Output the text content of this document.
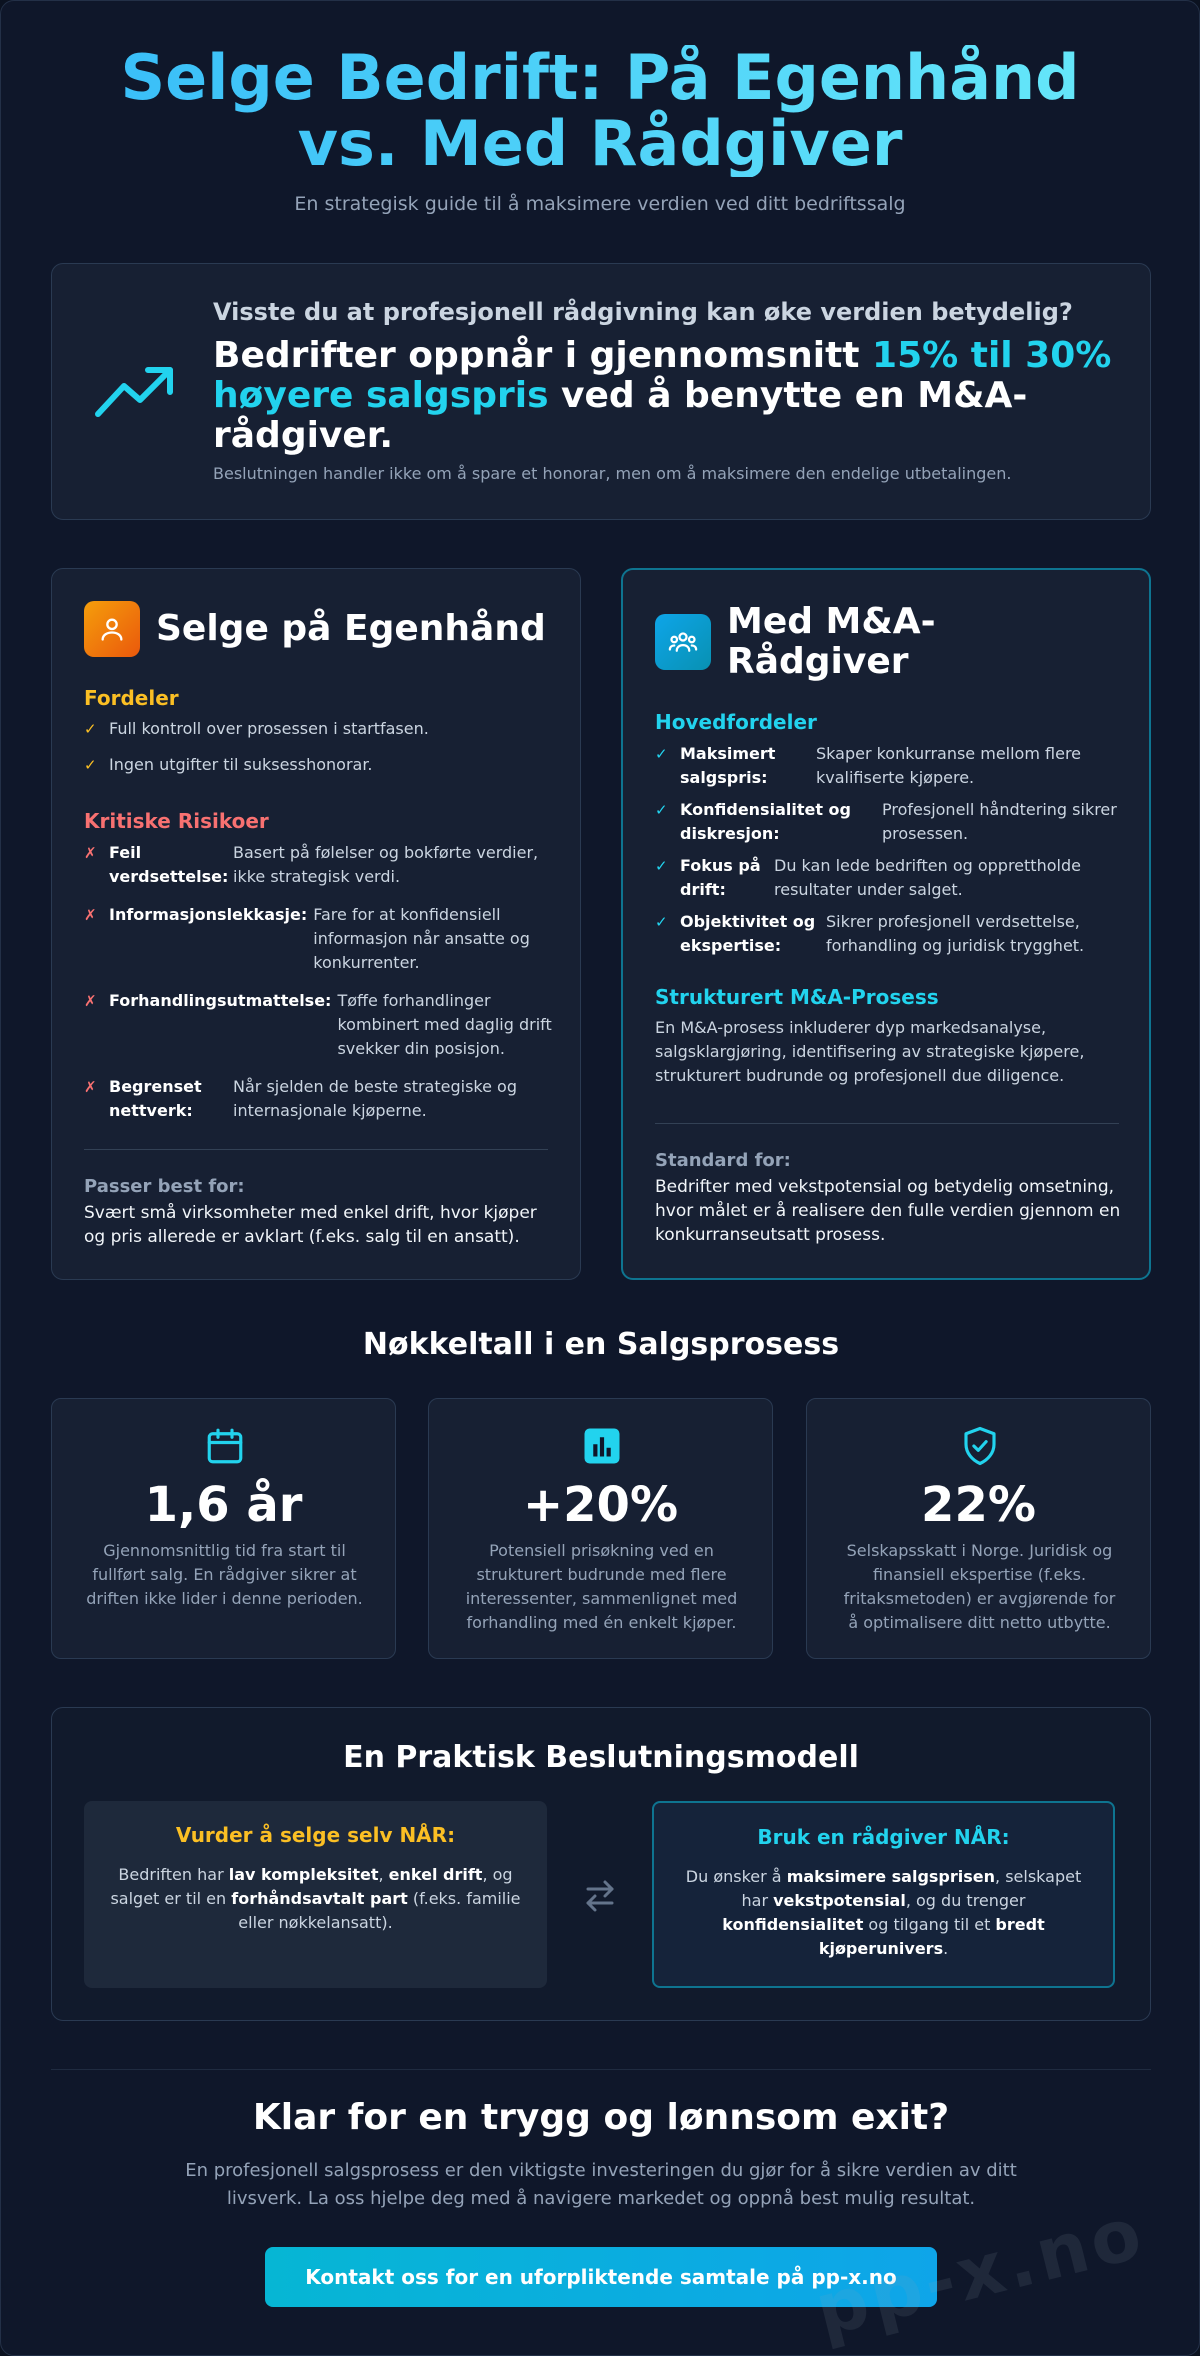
Selge Bedrift: På Egenhånd vs. Med Rådgiver
En strategisk guide til å maksimere verdien ved ditt bedriftssalg
Visste du at profesjonell rådgivning kan øke verdien betydelig?
Bedrifter oppnår i gjennomsnitt 15% til 30% høyere salgspris ved å benytte en M&A-rådgiver.
Beslutningen handler ikke om å spare et honorar, men om å maksimere den endelige utbetalingen.
Selge på Egenhånd
Fordeler
✓ Full kontroll over prosessen i startfasen.
✓ Ingen utgifter til suksesshonorar.
Kritiske Risikoer
✗ Feil verdsettelse:
Basert på følelser og bokførte verdier, ikke strategisk verdi.
✗ Informasjonslekkasje: Fare for at konfidensiell informasjon når ansatte og konkurrenter.
✗ Forhandlingsutmattelse: Tøffe forhandlinger kombinert med daglig drift svekker din posisjon.
✗ Begrenset nettverk:
Når sjelden de beste strategiske og internasjonale kjøperne.
Passer best for:
Svært små virksomheter med enkel drift, hvor kjøper og pris allerede er avklart (f.eks. salg til en ansatt).
Med M&A-Rådgiver
Hovedfordeler
✓ Maksimert salgspris:
Skaper konkurranse mellom flere kvalifiserte kjøpere.
✓ Konfidensialitet og diskresjon:
Profesjonell håndtering sikrer prosessen.
✓ Fokus på drift:
Du kan lede bedriften og opprettholde resultater under salget.
✓ Objektivitet og ekspertise:
Sikrer profesjonell verdsettelse, forhandling og juridisk trygghet.
Strukturert M&A-Prosess
En M&A-prosess inkluderer dyp markedsanalyse, salgsklargjøring, identifisering av strategiske kjøpere, strukturert budrunde og profesjonell due diligence.
Standard for:
Bedrifter med vekstpotensial og betydelig omsetning, hvor målet er å realisere den fulle verdien gjennom en konkurranseutsatt prosess.
Nøkkeltall i en Salgsprosess
1,6 år
Gjennomsnittlig tid fra start til fullført salg. En rådgiver sikrer at driften ikke lider i denne perioden.
+20%
Potensiell prisøkning ved en strukturert budrunde med flere interessenter, sammenlignet med forhandling med én enkelt kjøper.
22%
Selskapsskatt i Norge. Juridisk og finansiell ekspertise (f.eks. fritaksmetoden) er avgjørende for å optimalisere ditt netto utbytte.
En Praktisk Beslutningsmodell
Vurder å selge selv NÅR:
Bedriften har lav kompleksitet, enkel drift, og salget er til en forhåndsavtalt part (f.eks. familie eller nøkkelansatt).
Bruk en rådgiver NÅR:
Du ønsker å maksimere salgsprisen, selskapet har vekstpotensial, og du trenger konfidensialitet og tilgang til et bredt kjøperunivers.
Klar for en trygg og lønnsom exit?
En profesjonell salgsprosess er den viktigste investeringen du gjør for å sikre verdien av ditt livsverk. La oss hjelpe deg med å navigere markedet og oppnå best mulig resultat.
Kontakt oss for en uforpliktende samtale på pp-x.no
pp-x.no
